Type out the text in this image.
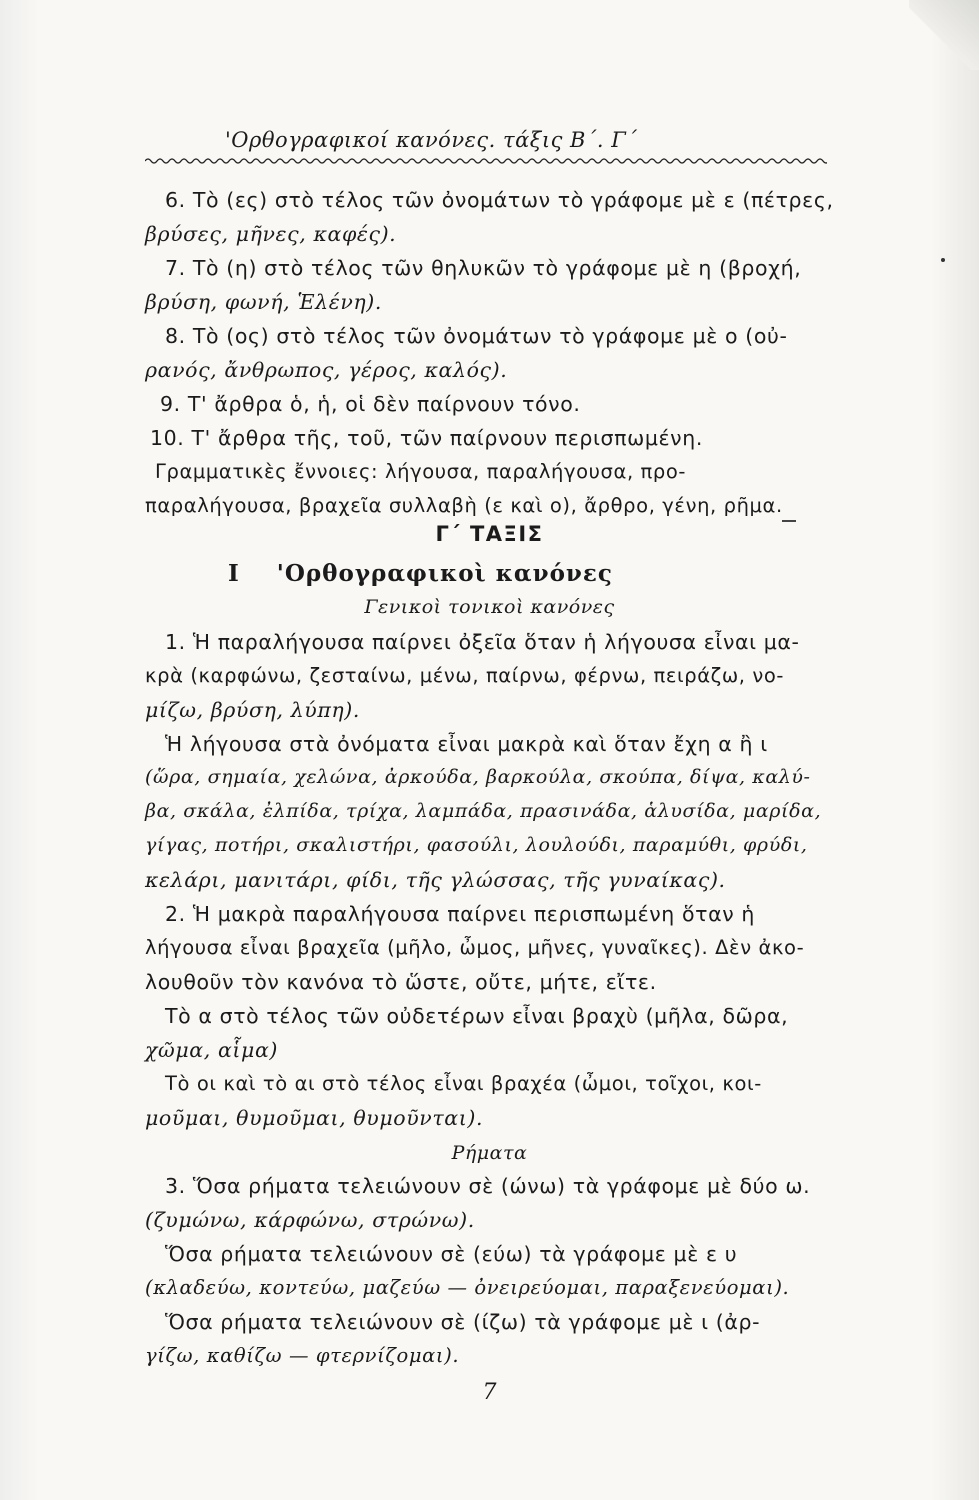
'Ορθογραφικοί κανόνες. τάξις Β΄. Γ΄
6. Τὸ (ες) στὸ τέλος τῶν ὀνομάτων τὸ γράφομε μὲ ε (πέτρες,
βρύσες, μῆνες, καφές).
7. Τὸ (η) στὸ τέλος τῶν θηλυκῶν τὸ γράφομε μὲ η (βροχή,
βρύση, φωνή, Ἑλένη).
8. Τὸ (ος) στὸ τέλος τῶν ὀνομάτων τὸ γράφομε μὲ ο (οὐ-
ρανός, ἄνθρωπος, γέρος, καλός).
9. Τ' ἄρθρα ὁ, ἡ, οἱ δὲν παίρνουν τόνο.
10. Τ' ἄρθρα τῆς, τοῦ, τῶν παίρνουν περισπωμένη.
Γραμματικὲς ἔννοιες: λήγουσα, παραλήγουσα, προ-
παραλήγουσα, βραχεῖα συλλαβὴ (ε καὶ ο), ἄρθρο, γένη, ρῆμα.
Γ΄ ΤΑΞΙΣ
Ι 'Ορθογραφικοὶ κανόνες
Γενικοὶ τονικοὶ κανόνες
1. Ἡ παραλήγουσα παίρνει ὀξεῖα ὅταν ἡ λήγουσα εἶναι μα-
κρὰ (καρφώνω, ζεσταίνω, μένω, παίρνω, φέρνω, πειράζω, νο-
μίζω, βρύση, λύπη).
Ἡ λήγουσα στὰ ὀνόματα εἶναι μακρὰ καὶ ὅταν ἔχη α ἢ ι
(ὥρα, σημαία, χελώνα, ἀρκούδα, βαρκούλα, σκούπα, δίψα, καλύ-
βα, σκάλα, ἐλπίδα, τρίχα, λαμπάδα, πρασινάδα, ἁλυσίδα, μαρίδα,
γίγας, ποτήρι, σκαλιστήρι, φασούλι, λουλούδι, παραμύθι, φρύδι,
κελάρι, μανιτάρι, φίδι, τῆς γλώσσας, τῆς γυναίκας).
2. Ἡ μακρὰ παραλήγουσα παίρνει περισπωμένη ὅταν ἡ
λήγουσα εἶναι βραχεῖα (μῆλο, ὦμος, μῆνες, γυναῖκες). Δὲν ἀκο-
λουθοῦν τὸν κανόνα τὸ ὥστε, οὔτε, μήτε, εἴτε.
Τὸ α στὸ τέλος τῶν οὐδετέρων εἶναι βραχὺ (μῆλα, δῶρα,
χῶμα, αἷμα)
Τὸ οι καὶ τὸ αι στὸ τέλος εἶναι βραχέα (ὦμοι, τοῖχοι, κοι-
μοῦμαι, θυμοῦμαι, θυμοῦνται).
Ρήματα
3. Ὅσα ρήματα τελειώνουν σὲ (ώνω) τὰ γράφομε μὲ δύο ω.
(ζυμώνω, κάρφώνω, στρώνω).
Ὅσα ρήματα τελειώνουν σὲ (εύω) τὰ γράφομε μὲ ε υ
(κλαδεύω, κοντεύω, μαζεύω — ὀνειρεύομαι, παραξενεύομαι).
Ὅσα ρήματα τελειώνουν σὲ (ίζω) τὰ γράφομε μὲ ι (ἀρ-
γίζω, καθίζω — φτερνίζομαι).
7
